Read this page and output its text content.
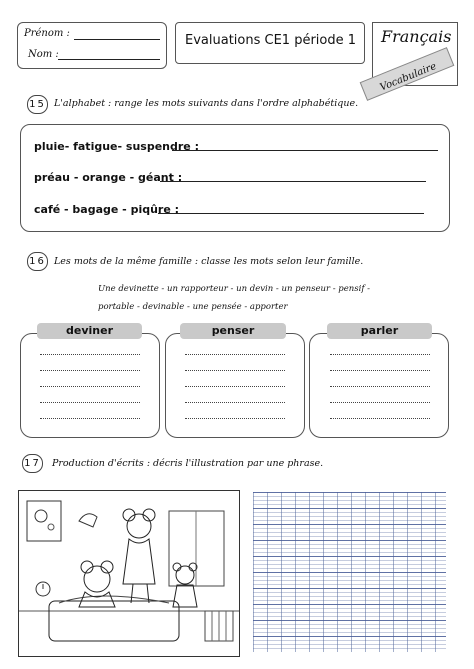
Prénom :
Nom :
Evaluations CE1 période 1 Français
Vocabulaire
15 L'alphabet : range les mots suivants dans l'ordre alphabétique.
pluie- fatigue- suspendre :
préau - orange - géant :
café - bagage - piqûre :
16 Les mots de la même famille : classe les mots selon leur famille.
Une devinette - un rapporteur - un devin - un penseur - pensif -
portable - devinable - une pensée - apporter
deviner	penser	parler
17 Production d'écrits : décris l'illustration par une phrase.
